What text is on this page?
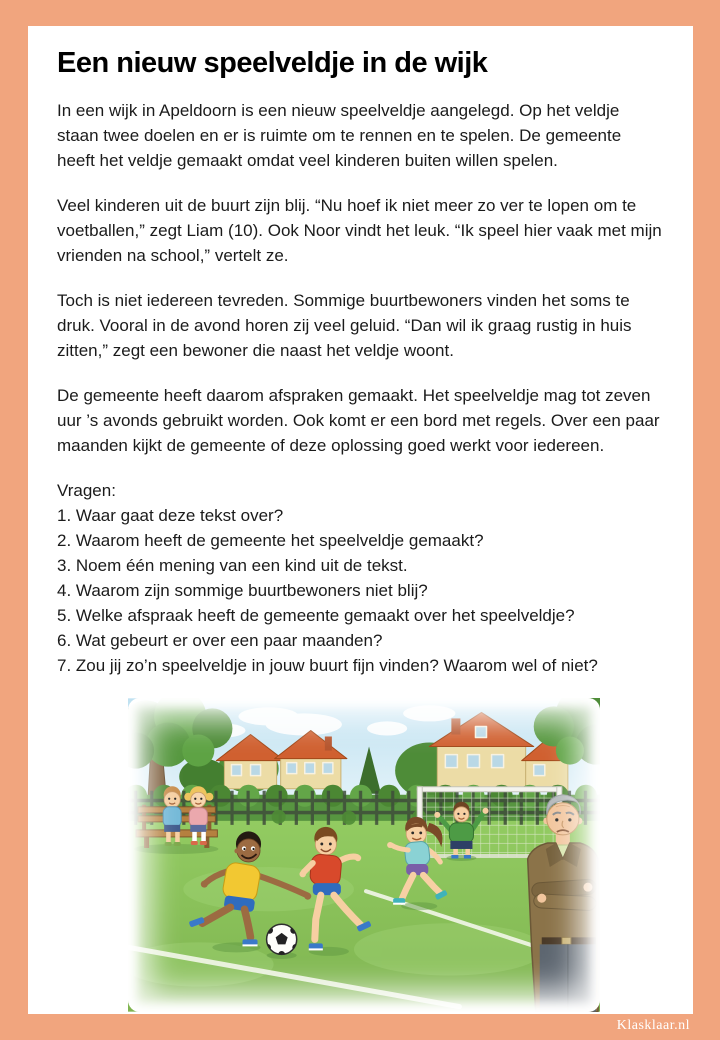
Een nieuw speelveldje in de wijk

In een wijk in Apeldoorn is een nieuw speelveldje aangelegd. Op het veldje staan twee doelen en er is ruimte om te rennen en te spelen. De gemeente heeft het veldje gemaakt omdat veel kinderen buiten willen spelen.

Veel kinderen uit de buurt zijn blij. “Nu hoef ik niet meer zo ver te lopen om te voetballen,” zegt Liam (10). Ook Noor vindt het leuk. “Ik speel hier vaak met mijn vrienden na school,” vertelt ze.

Toch is niet iedereen tevreden. Sommige buurtbewoners vinden het soms te druk. Vooral in de avond horen zij veel geluid. “Dan wil ik graag rustig in huis zitten,” zegt een bewoner die naast het veldje woont.

De gemeente heeft daarom afspraken gemaakt. Het speelveldje mag tot zeven uur ’s avonds gebruikt worden. Ook komt er een bord met regels. Over een paar maanden kijkt de gemeente of deze oplossing goed werkt voor iedereen.

Vragen:
1. Waar gaat deze tekst over?
2. Waarom heeft de gemeente het speelveldje gemaakt?
3. Noem één mening van een kind uit de tekst.
4. Waarom zijn sommige buurtbewoners niet blij?
5. Welke afspraak heeft de gemeente gemaakt over het speelveldje?
6. Wat gebeurt er over een paar maanden?
7. Zou jij zo’n speelveldje in jouw buurt fijn vinden? Waarom wel of niet?
Klasklaar.nl
